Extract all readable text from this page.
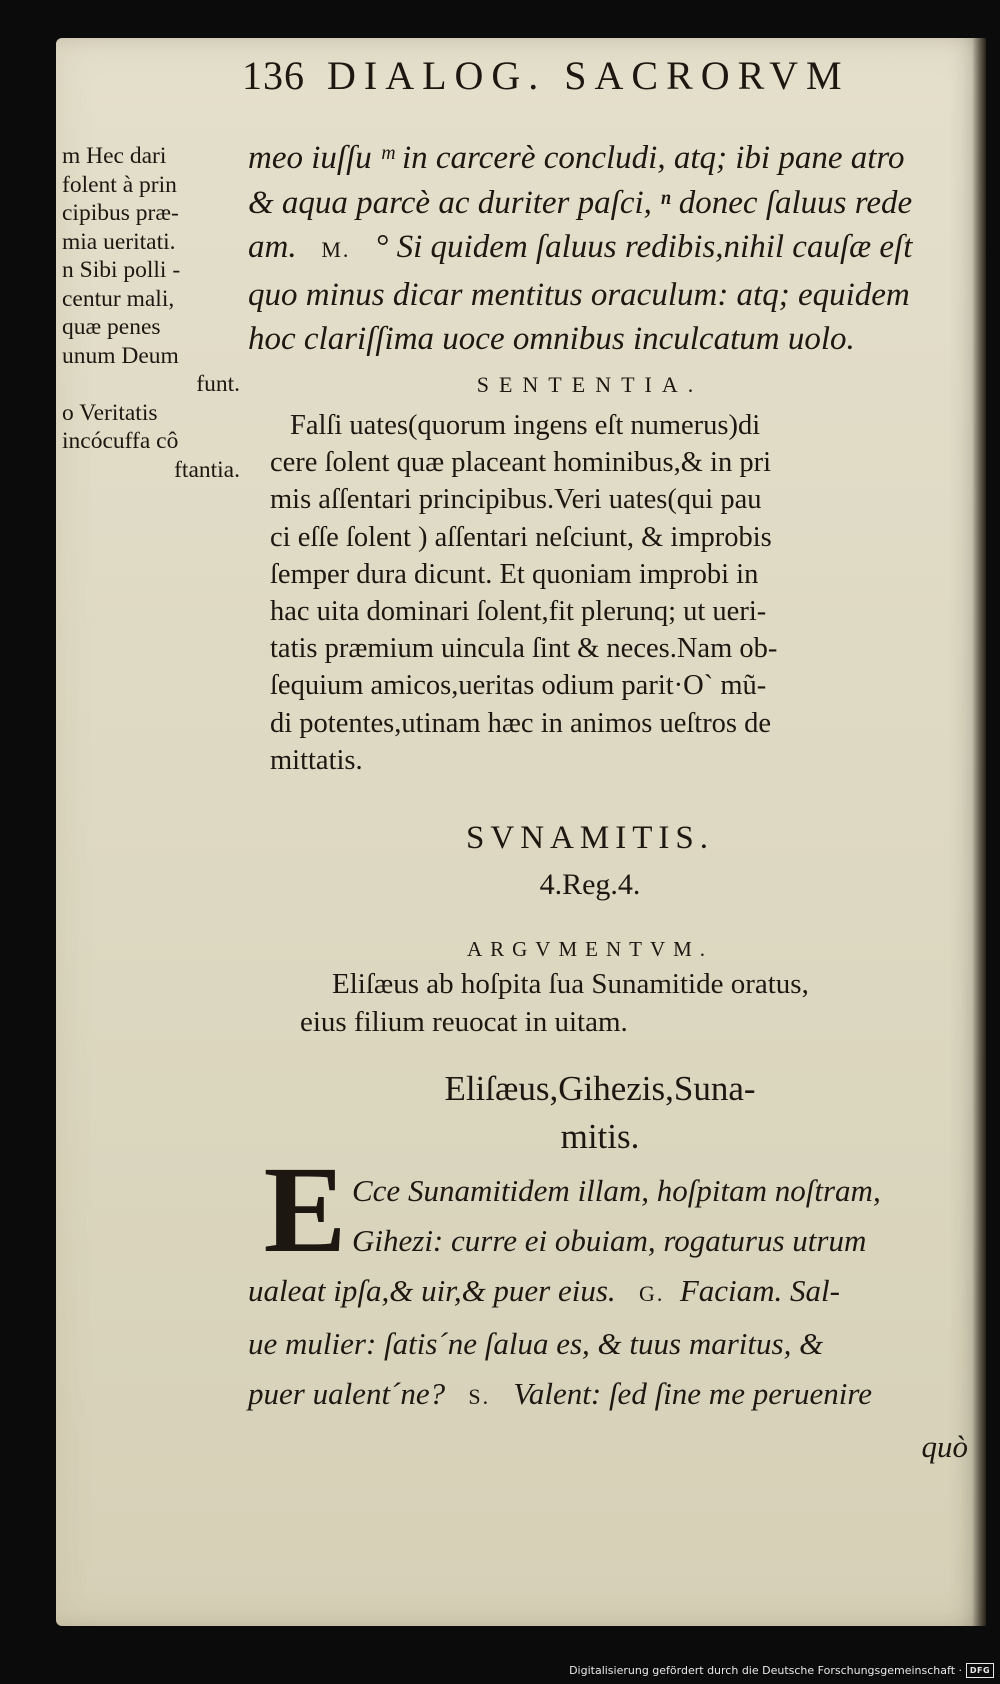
136 DIALOG. SACRORVM
m Hec dari
folent à prin
cipibus præ-
mia ueritati.
n Sibi polli -
centur mali,
quæ penes
unum Deum
funt.
o Veritatis
incócuffa cô
ftantia.
meo iuſſu ᵐ in carcerè concludi, atq; ibi pane atro
& aqua parcè ac duriter paſci, ⁿ donec ſaluus rede
am. M. ° Si quidem ſaluus redibis,nihil cauſæ eſt
quo minus dicar mentitus oraculum: atq; equidem
hoc clariſſima uoce omnibus inculcatum uolo.
SENTENTIA.
Falſi uates(quorum ingens eſt numerus)di
cere ſolent quæ placeant hominibus,& in pri
mis aſſentari principibus.Veri uates(qui pau
ci eſſe ſolent ) aſſentari neſciunt, & improbis
ſemper dura dicunt. Et quoniam improbi in
hac uita dominari ſolent,fit plerunq; ut ueri-
tatis præmium uincula ſint & neces.Nam ob-
ſequium amicos,ueritas odium parit·O` mũ-
di potentes,utinam hæc in animos ueſtros de
mittatis.
SVNAMITIS.
4.Reg.4.
ARGVMENTVM.
Eliſæus ab hoſpita ſua Sunamitide oratus,
eius filium reuocat in uitam.
Eliſæus,Gihezis,Suna-
mitis.
E Cce Sunamitidem illam, hoſpitam noſtram,
Gihezi: curre ei obuiam, rogaturus utrum
ualeat ipſa,& uir,& puer eius. G. Faciam. Sal-
ue mulier: ſatis´ne ſalua es, & tuus maritus, &
puer ualent´ne? S. Valent: ſed ſine me peruenire
quò
Digitalisierung gefördert durch die Deutsche Forschungsgemeinschaft · DFG
